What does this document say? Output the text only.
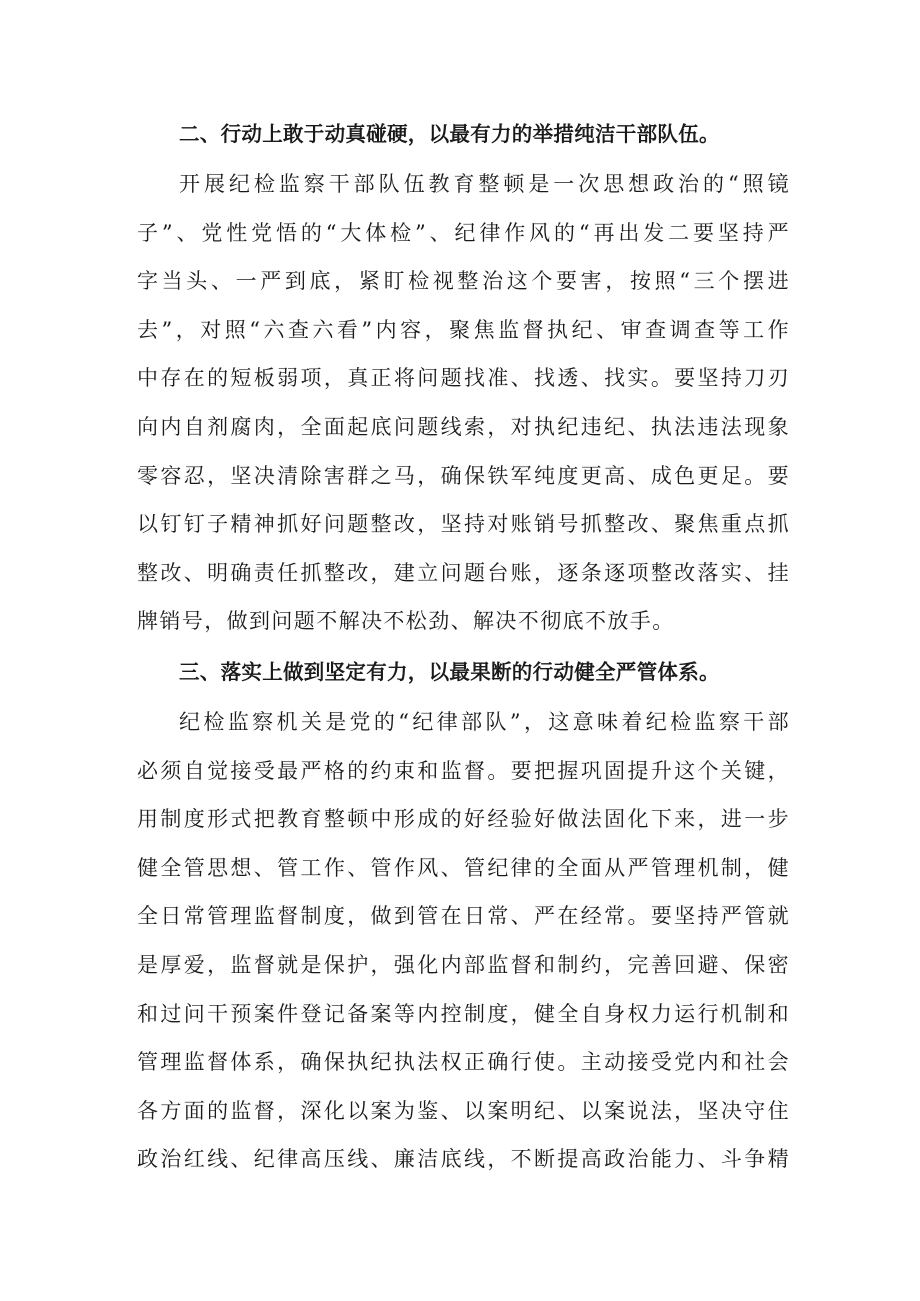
二、行动上敢于动真碰硬，以最有力的举措纯洁干部队伍。
开展纪检监察干部队伍教育整顿是一次思想政治的“照镜
子”、党性党悟的“大体检”、纪律作风的“再出发二要坚持严
字当头、一严到底，紧盯检视整治这个要害，按照“三个摆进
去”，对照“六查六看”内容，聚焦监督执纪、审查调查等工作
中存在的短板弱项，真正将问题找准、找透、找实。要坚持刀刃
向内自剂腐肉，全面起底问题线索，对执纪违纪、执法违法现象
零容忍，坚决清除害群之马，确保铁军纯度更高、成色更足。要
以钉钉子精神抓好问题整改，坚持对账销号抓整改、聚焦重点抓
整改、明确责任抓整改，建立问题台账，逐条逐项整改落实、挂
牌销号，做到问题不解决不松劲、解决不彻底不放手。
三、落实上做到坚定有力，以最果断的行动健全严管体系。
纪检监察机关是党的“纪律部队”，这意味着纪检监察干部
必须自觉接受最严格的约束和监督。要把握巩固提升这个关键，
用制度形式把教育整顿中形成的好经验好做法固化下来，进一步
健全管思想、管工作、管作风、管纪律的全面从严管理机制，健
全日常管理监督制度，做到管在日常、严在经常。要坚持严管就
是厚爱，监督就是保护，强化内部监督和制约，完善回避、保密
和过问干预案件登记备案等内控制度，健全自身权力运行机制和
管理监督体系，确保执纪执法权正确行使。主动接受党内和社会
各方面的监督，深化以案为鉴、以案明纪、以案说法，坚决守住
政治红线、纪律高压线、廉洁底线，不断提高政治能力、斗争精
